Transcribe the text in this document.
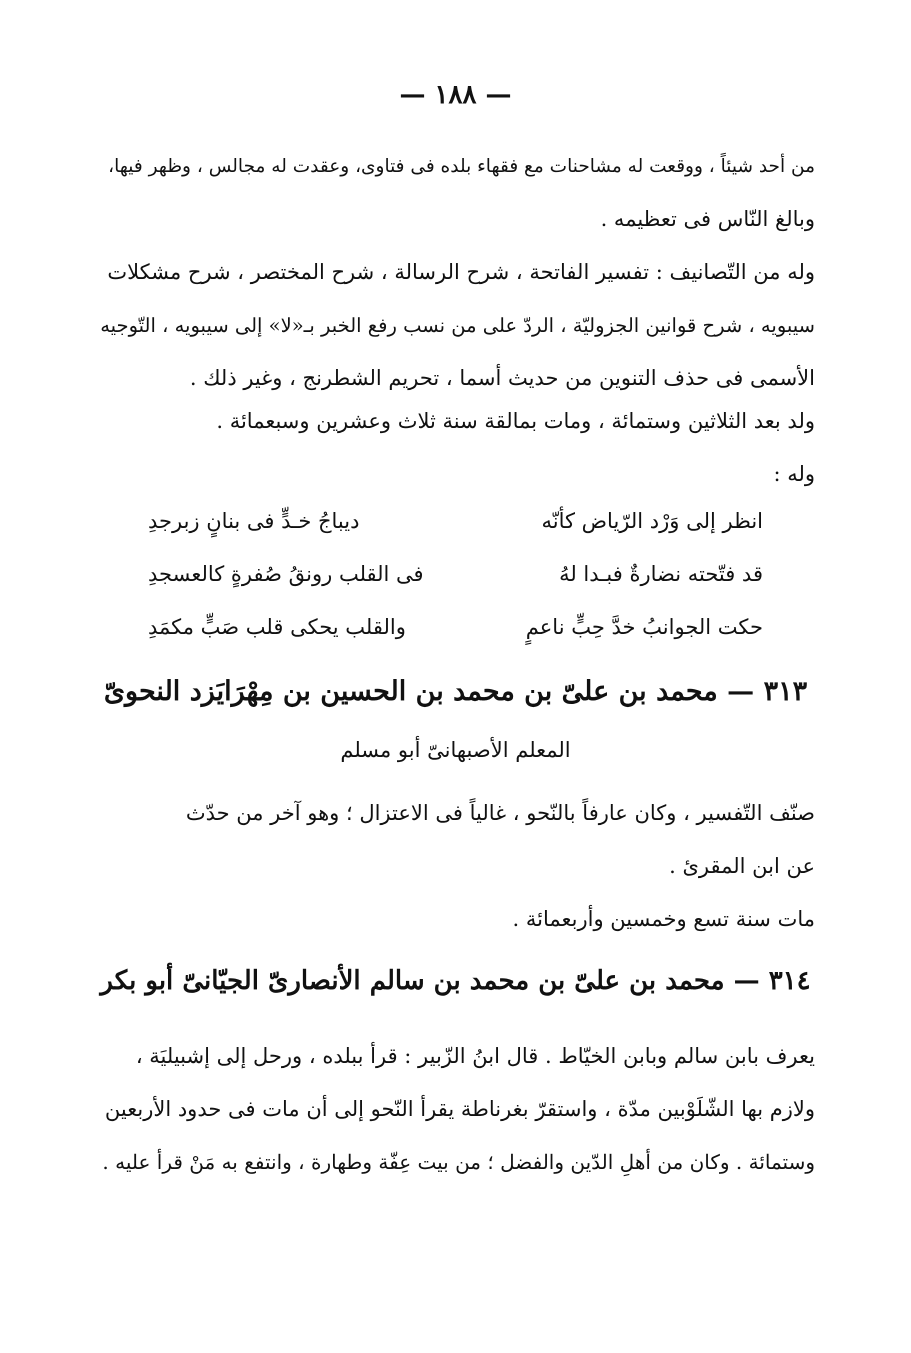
— ١٨٨ —
من أحد شيئاً ، ووقعت له مشاحنات مع فقهاء بلده فى فتاوى، وعقدت له مجالس ، وظهر فيها،
وبالغ النّاس فى تعظيمه .
وله من التّصانيف : تفسير الفاتحة ، شرح الرسالة ، شرح المختصر ، شرح مشكلات
سيبويه ، شرح قوانين الجزوليّة ، الردّ على من نسب رفع الخبر بـ«لا» إلى سيبويه ، التّوجيه
الأسمى فى حذف التنوين من حديث أسما ، تحريم الشطرنج ، وغير ذلك .
ولد بعد الثلاثين وستمائة ، ومات بمالقة سنة ثلاث وعشرين وسبعمائة .
وله :
انظر إلى وَرْد الرّياض كأنّه
ديباجُ خـدٍّ فى بنانٍ زبرجدِ
قد فتّحته نضارةٌ فبـدا لهُ
فى القلب رونقُ صُفرةٍ كالعسجدِ
حكت الجوانبُ خدَّ حِبٍّ ناعمٍ
والقلب يحكى قلب صَبٍّ مكمَدِ
٣١٣ — محمد بن علىّ بن محمد بن الحسين بن مِهْرَايَزد النحوىّ
المعلم الأصبهانىّ أبو مسلم
صنّف التّفسير ، وكان عارفاً بالنّحو ، غالياً فى الاعتزال ؛ وهو آخر من حدّث
عن ابن المقرئ .
مات سنة تسع وخمسين وأربعمائة .
٣١٤ — محمد بن علىّ بن محمد بن سالم الأنصارىّ الجيّانىّ أبو بكر
يعرف بابن سالم وبابن الخيّاط . قال ابنُ الزّبير : قرأ ببلده ، ورحل إلى إشبيليَة ،
ولازم بها الشّلَوْبين مدّة ، واستقرّ بغرناطة يقرأ النّحو إلى أن مات فى حدود الأربعين
وستمائة . وكان من أهلِ الدّين والفضل ؛ من بيت عِفّة وطهارة ، وانتفع به مَنْ قرأ عليه .
